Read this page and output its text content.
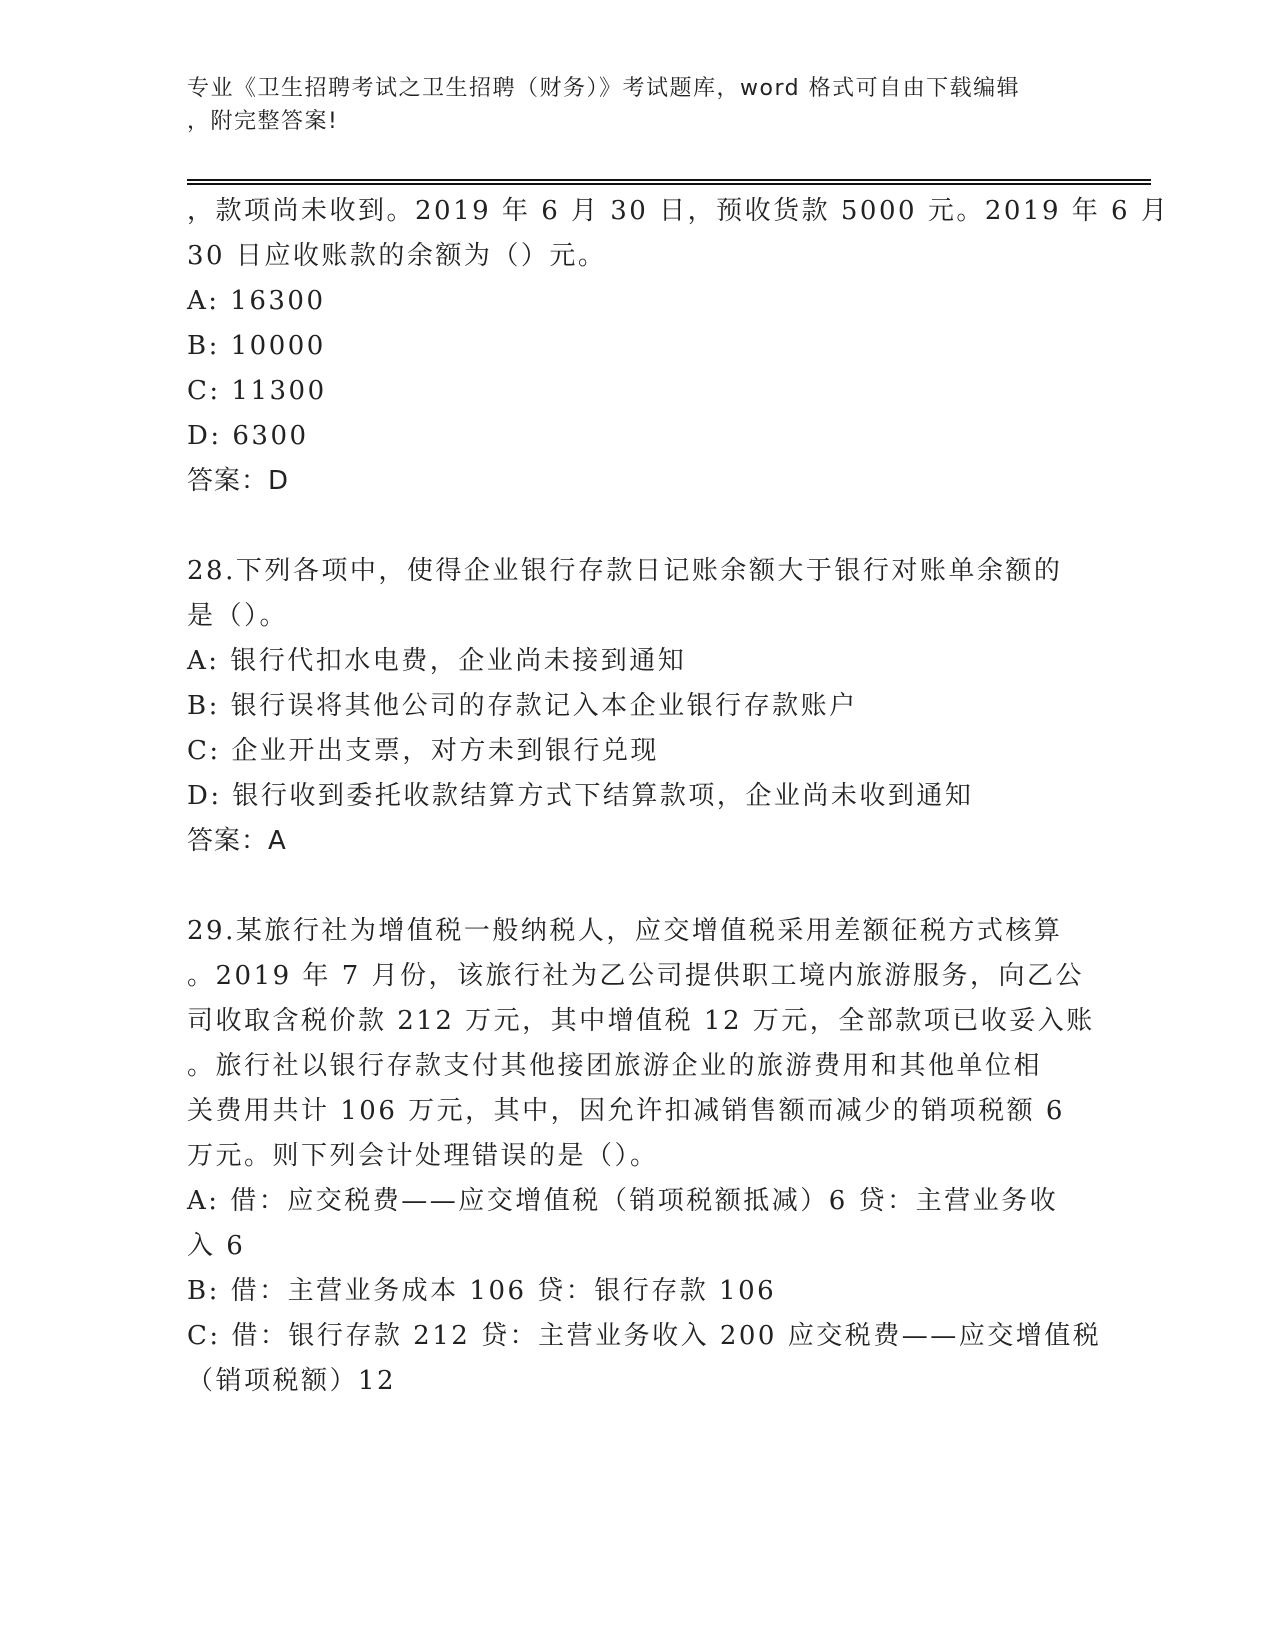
专业《卫生招聘考试之卫生招聘（财务）》考试题库，word 格式可自由下载编辑
，附完整答案!
，款项尚未收到。2019 年 6 月 30 日，预收货款 5000 元。2019 年 6 月
30 日应收账款的余额为（）元。
A: 16300
B: 10000
C: 11300
D: 6300
答案：D
28.下列各项中，使得企业银行存款日记账余额大于银行对账单余额的
是（）。
A: 银行代扣水电费，企业尚未接到通知
B: 银行误将其他公司的存款记入本企业银行存款账户
C: 企业开出支票，对方未到银行兑现
D: 银行收到委托收款结算方式下结算款项，企业尚未收到通知
答案：A
29.某旅行社为增值税一般纳税人，应交增值税采用差额征税方式核算
。2019 年 7 月份，该旅行社为乙公司提供职工境内旅游服务，向乙公
司收取含税价款 212 万元，其中增值税 12 万元，全部款项已收妥入账
。旅行社以银行存款支付其他接团旅游企业的旅游费用和其他单位相
关费用共计 106 万元，其中，因允许扣减销售额而减少的销项税额 6
万元。则下列会计处理错误的是（）。
A: 借：应交税费——应交增值税（销项税额抵减）6 贷：主营业务收
入 6
B: 借：主营业务成本 106 贷：银行存款 106
C: 借：银行存款 212 贷：主营业务收入 200 应交税费——应交增值税
（销项税额）12
